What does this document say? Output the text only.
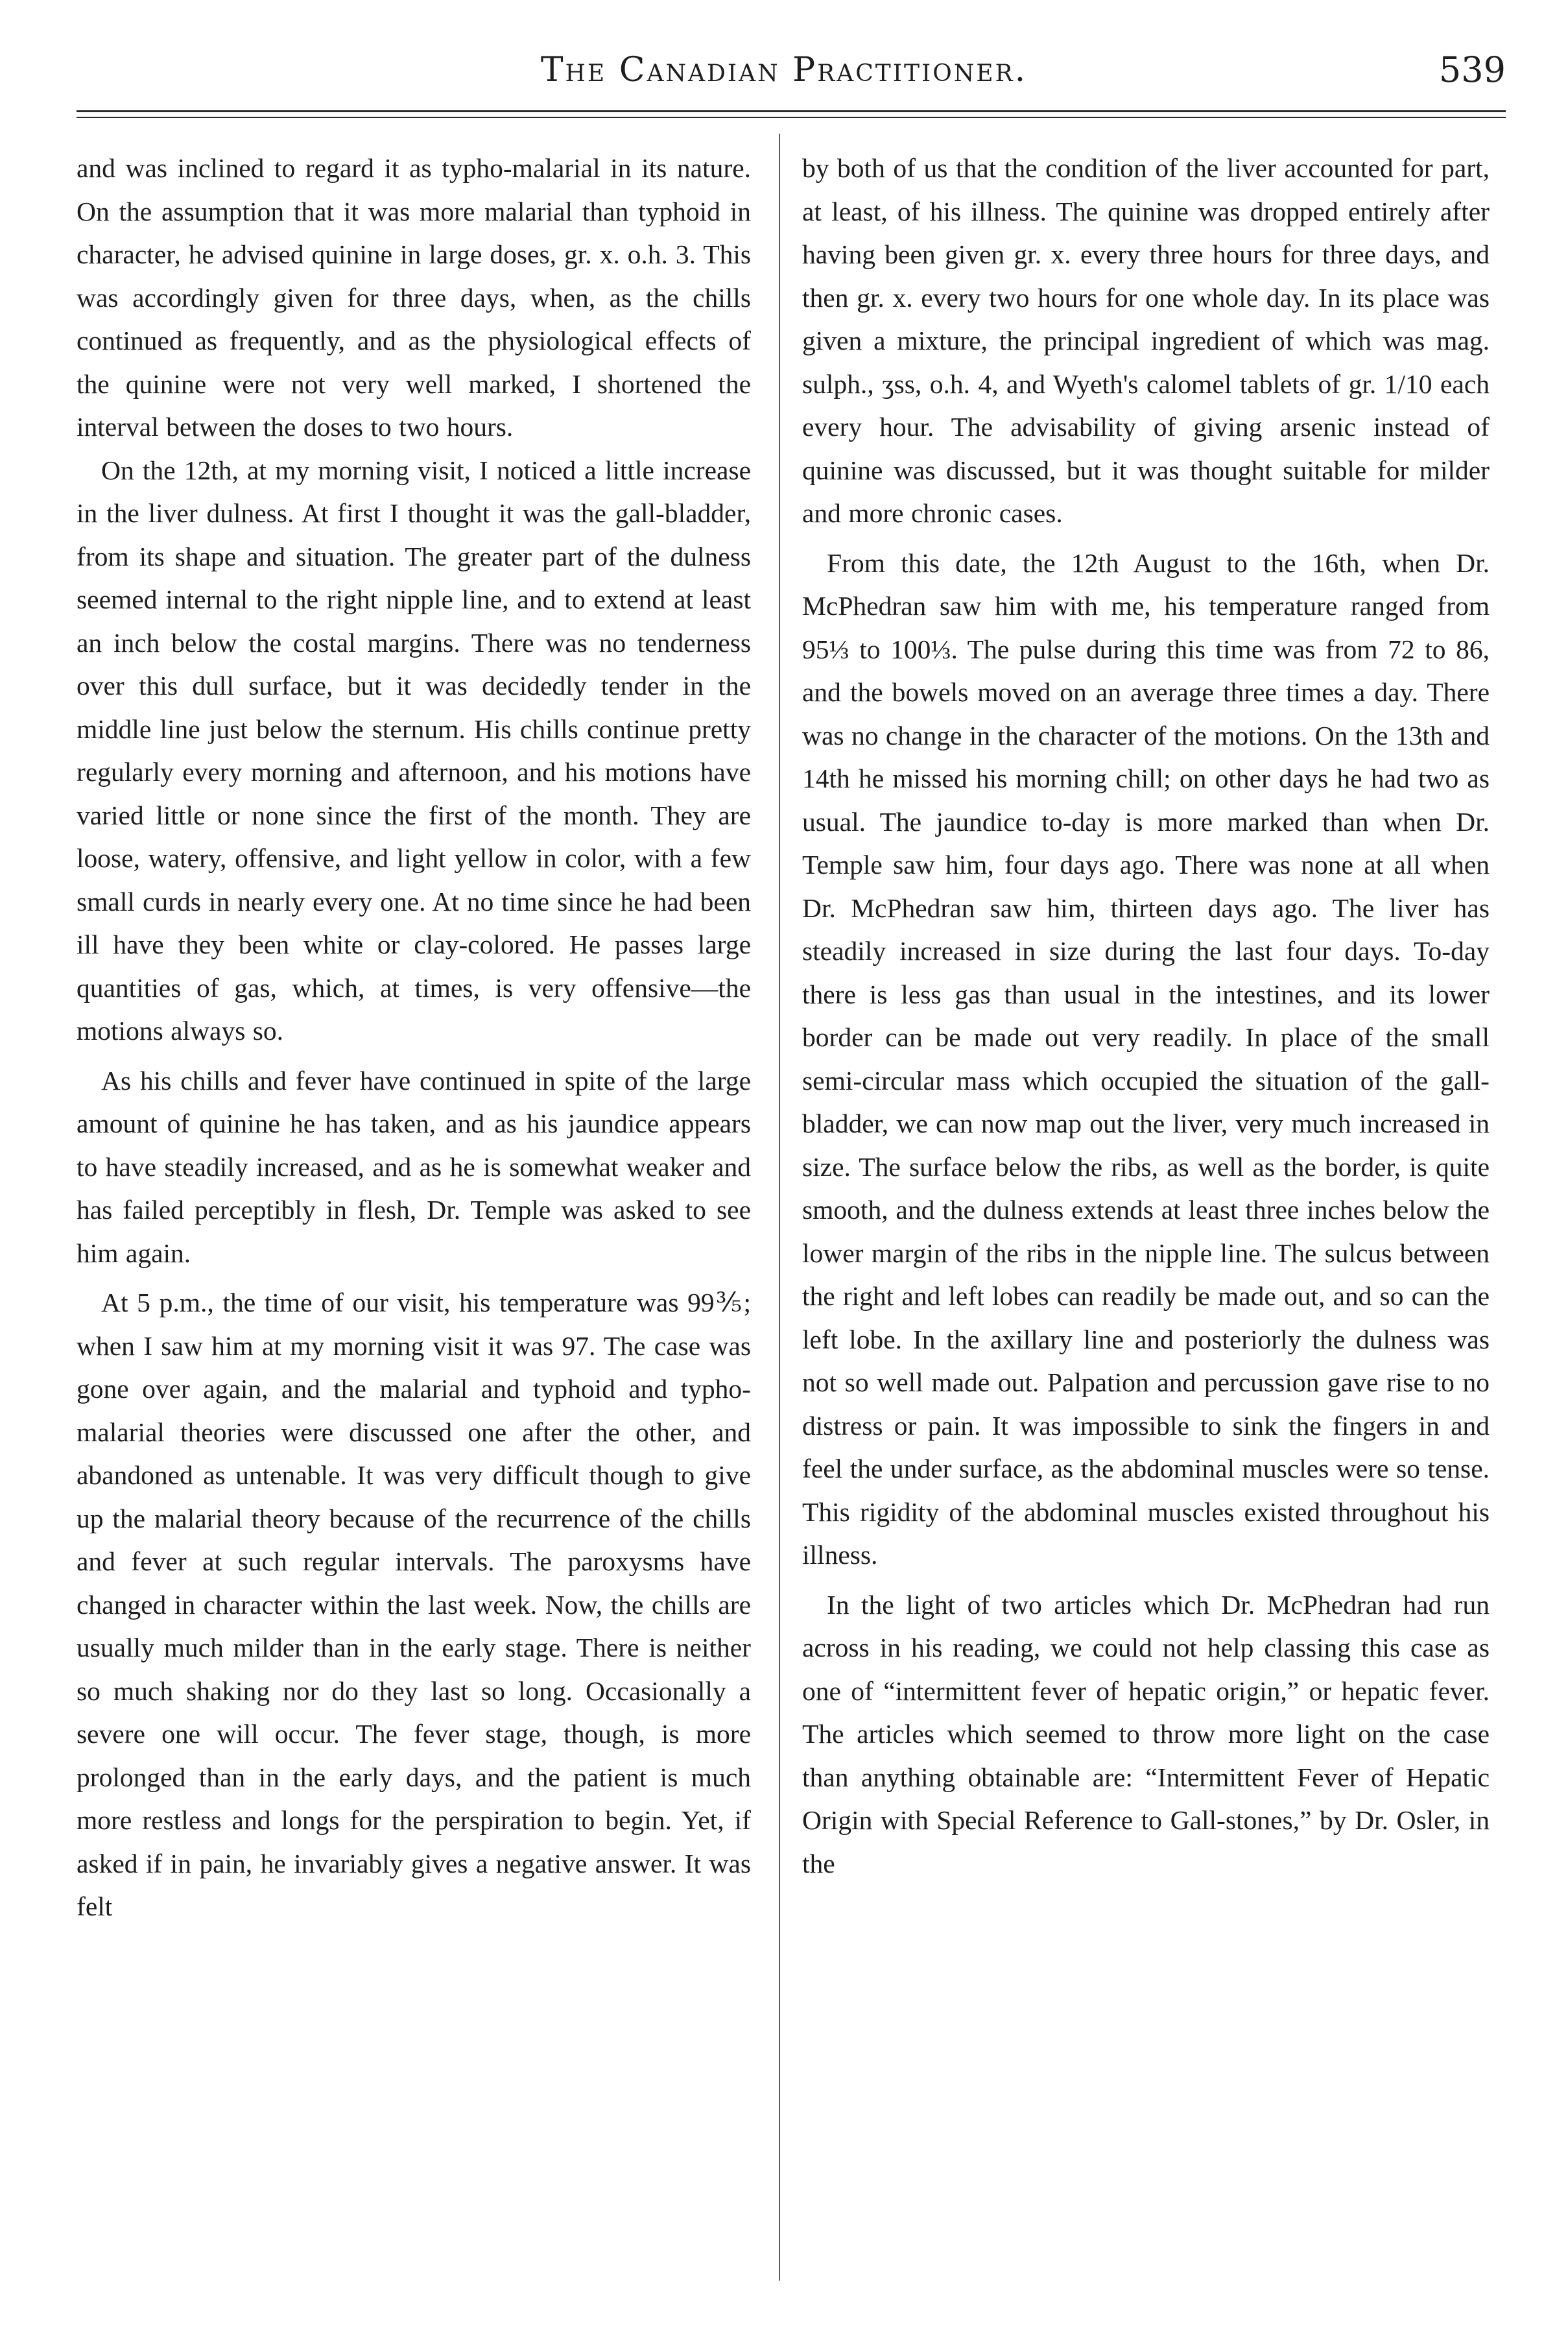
The Canadian Practitioner.	539

and was inclined to regard it as typho-malarial in its nature. On the assumption that it was more malarial than typhoid in character, he advised quinine in large doses, gr. x. o.h. 3. This was accordingly given for three days, when, as the chills continued as frequently, and as the physiological effects of the quinine were not very well marked, I shortened the interval between the doses to two hours.

On the 12th, at my morning visit, I noticed a little increase in the liver dulness. At first I thought it was the gall-bladder, from its shape and situation. The greater part of the dulness seemed internal to the right nipple line, and to extend at least an inch below the costal margins. There was no tenderness over this dull surface, but it was decidedly tender in the middle line just below the sternum. His chills continue pretty regularly every morning and afternoon, and his motions have varied little or none since the first of the month. They are loose, watery, offensive, and light yellow in color, with a few small curds in nearly every one. At no time since he had been ill have they been white or clay-colored. He passes large quantities of gas, which, at times, is very offensive—the motions always so.

As his chills and fever have continued in spite of the large amount of quinine he has taken, and as his jaundice appears to have steadily increased, and as he is somewhat weaker and has failed perceptibly in flesh, Dr. Temple was asked to see him again.

At 5 p.m., the time of our visit, his temperature was 99⅗; when I saw him at my morning visit it was 97. The case was gone over again, and the malarial and typhoid and typho-malarial theories were discussed one after the other, and abandoned as untenable. It was very difficult though to give up the malarial theory because of the recurrence of the chills and fever at such regular intervals. The paroxysms have changed in character within the last week. Now, the chills are usually much milder than in the early stage. There is neither so much shaking nor do they last so long. Occasionally a severe one will occur. The fever stage, though, is more prolonged than in the early days, and the patient is much more restless and longs for the perspiration to begin. Yet, if asked if in pain, he invariably gives a negative answer. It was felt

by both of us that the condition of the liver accounted for part, at least, of his illness. The quinine was dropped entirely after having been given gr. x. every three hours for three days, and then gr. x. every two hours for one whole day. In its place was given a mixture, the principal ingredient of which was mag. sulph., ʒss, o.h. 4, and Wyeth's calomel tablets of gr. 1/10 each every hour. The advisability of giving arsenic instead of quinine was discussed, but it was thought suitable for milder and more chronic cases.

From this date, the 12th August to the 16th, when Dr. McPhedran saw him with me, his temperature ranged from 95⅓ to 100⅓. The pulse during this time was from 72 to 86, and the bowels moved on an average three times a day. There was no change in the character of the motions. On the 13th and 14th he missed his morning chill; on other days he had two as usual. The jaundice to-day is more marked than when Dr. Temple saw him, four days ago. There was none at all when Dr. McPhedran saw him, thirteen days ago. The liver has steadily increased in size during the last four days. To-day there is less gas than usual in the intestines, and its lower border can be made out very readily. In place of the small semi-circular mass which occupied the situation of the gall-bladder, we can now map out the liver, very much increased in size. The surface below the ribs, as well as the border, is quite smooth, and the dulness extends at least three inches below the lower margin of the ribs in the nipple line. The sulcus between the right and left lobes can readily be made out, and so can the left lobe. In the axillary line and posteriorly the dulness was not so well made out. Palpation and percussion gave rise to no distress or pain. It was impossible to sink the fingers in and feel the under surface, as the abdominal muscles were so tense. This rigidity of the abdominal muscles existed throughout his illness.

In the light of two articles which Dr. McPhedran had run across in his reading, we could not help classing this case as one of “intermittent fever of hepatic origin,” or hepatic fever. The articles which seemed to throw more light on the case than anything obtainable are: “Intermittent Fever of Hepatic Origin with Special Reference to Gall-stones,” by Dr. Osler, in the
